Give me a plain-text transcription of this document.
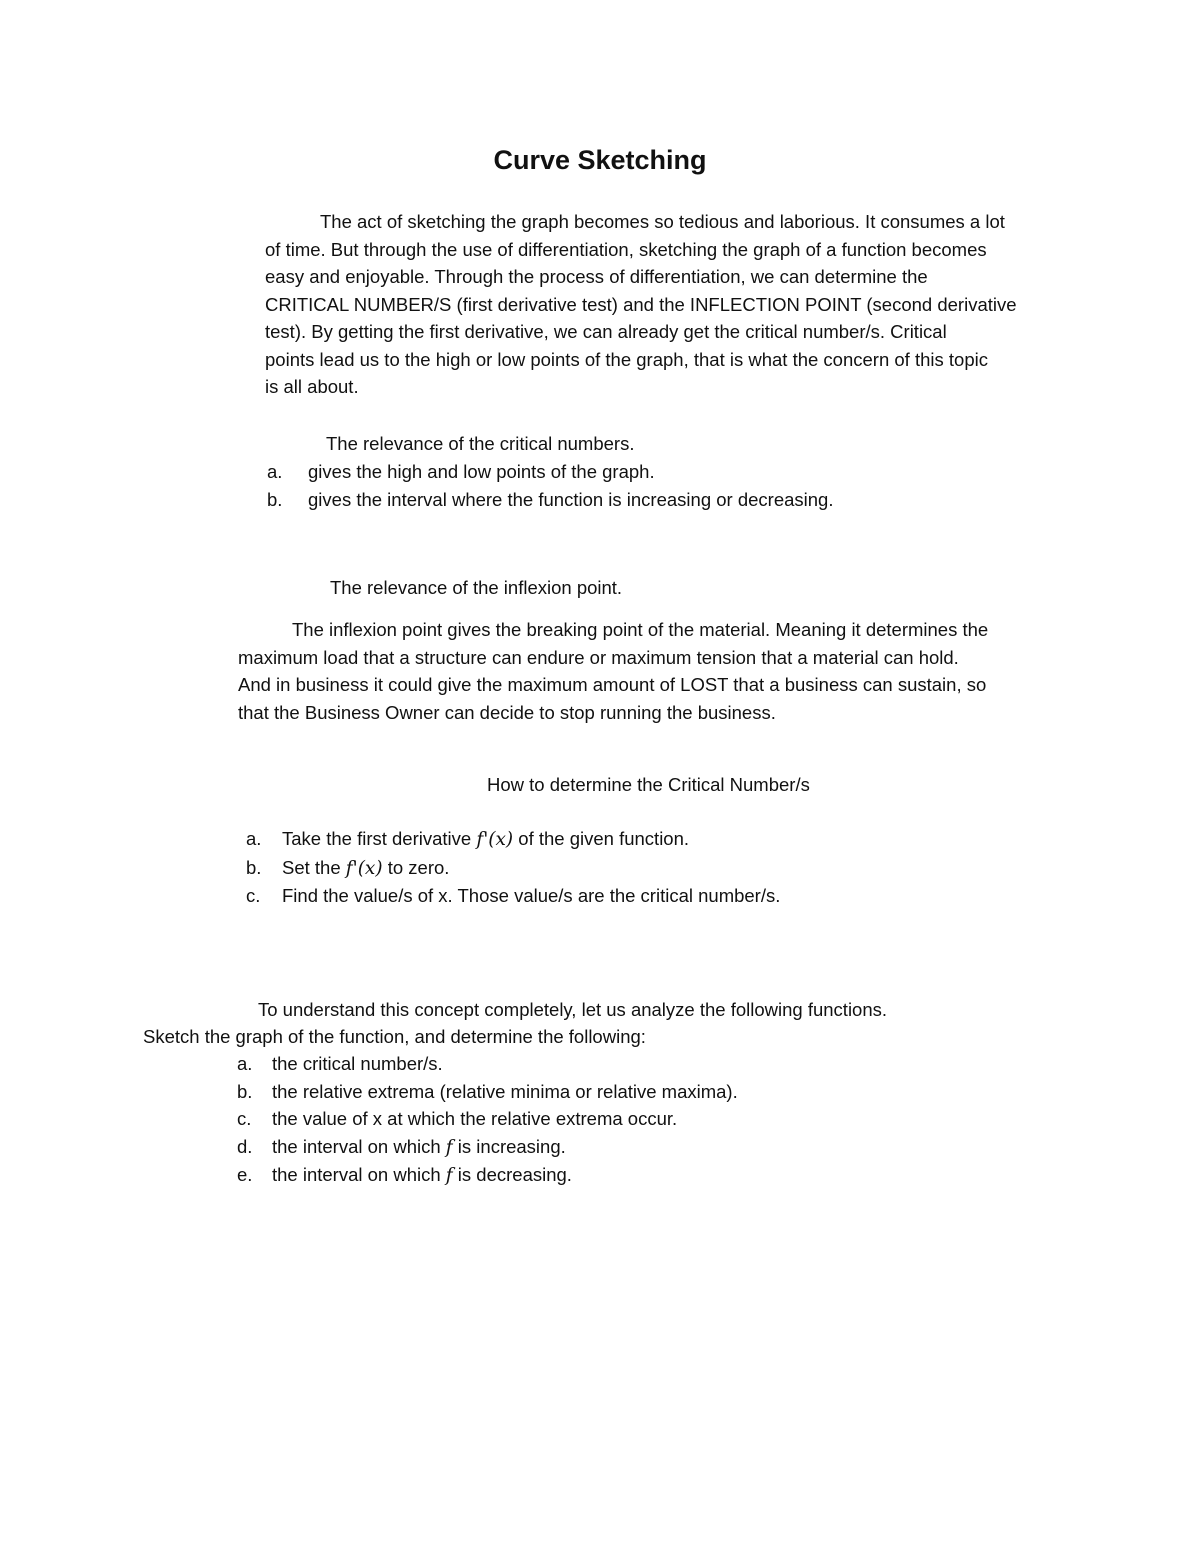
Curve Sketching
The act of sketching the graph becomes so tedious and laborious. It consumes a lot
of time. But through the use of differentiation, sketching the graph of a function becomes
easy and enjoyable. Through the process of differentiation, we can determine the
CRITICAL NUMBER/S (first derivative test) and the INFLECTION POINT (second derivative
test). By getting the first derivative, we can already get the critical number/s. Critical
points lead us to the high or low points of the graph, that is what the concern of this topic
is all about.
The relevance of the critical numbers.
a. gives the high and low points of the graph.
b. gives the interval where the function is increasing or decreasing.
The relevance of the inflexion point.
The inflexion point gives the breaking point of the material. Meaning it determines the
maximum load that a structure can endure or maximum tension that a material can hold.
And in business it could give the maximum amount of LOST that a business can sustain, so
that the Business Owner can decide to stop running the business.
How to determine the Critical Number/s
a. Take the first derivative f'(x) of the given function.
b. Set the f'(x) to zero.
c. Find the value/s of x. Those value/s are the critical number/s.
To understand this concept completely, let us analyze the following functions.
Sketch the graph of the function, and determine the following:
a. the critical number/s.
b. the relative extrema (relative minima or relative maxima).
c. the value of x at which the relative extrema occur.
d. the interval on which f is increasing.
e. the interval on which f is decreasing.
